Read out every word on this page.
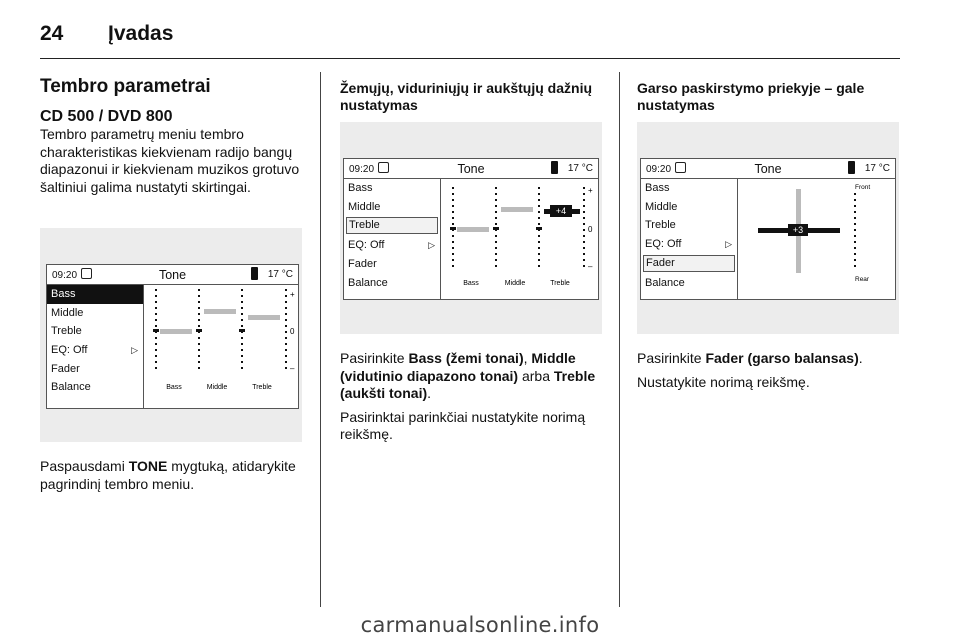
24 Įvadas
Tembro parametrai
CD 500 / DVD 800
Tembro parametrų meniu tembro charakteristikas kiekvienam radijo bangų diapazonui ir kiekvienam muzikos grotuvo šaltiniui galima nustatyti skirtingai.
09:20	Tone	17 °C
Bass
Middle
Treble
EQ: Off	▷
Fader
Balance
+
0
–
Bass	Middle	Treble
Paspausdami TONE mygtuką, atidarykite pagrindinį tembro meniu.
Žemųjų, viduriniųjų ir aukštųjų dažnių nustatymas
09:20	Tone	17 °C
Bass
Middle
Treble
EQ: Off	▷
Fader
Balance
+4
+
0
–
Bass	Middle	Treble
Pasirinkite Bass (žemi tonai), Middle (vidutinio diapazono tonai) arba Treble (aukšti tonai).
Pasirinktai parinkčiai nustatykite norimą reikšmę.
Garso paskirstymo priekyje – gale nustatymas
09:20	Tone	17 °C
Bass
Middle
Treble
EQ: Off	▷
Fader
Balance
+3
Front
Rear
Pasirinkite Fader (garso balansas).
Nustatykite norimą reikšmę.
carmanualsonline.info
